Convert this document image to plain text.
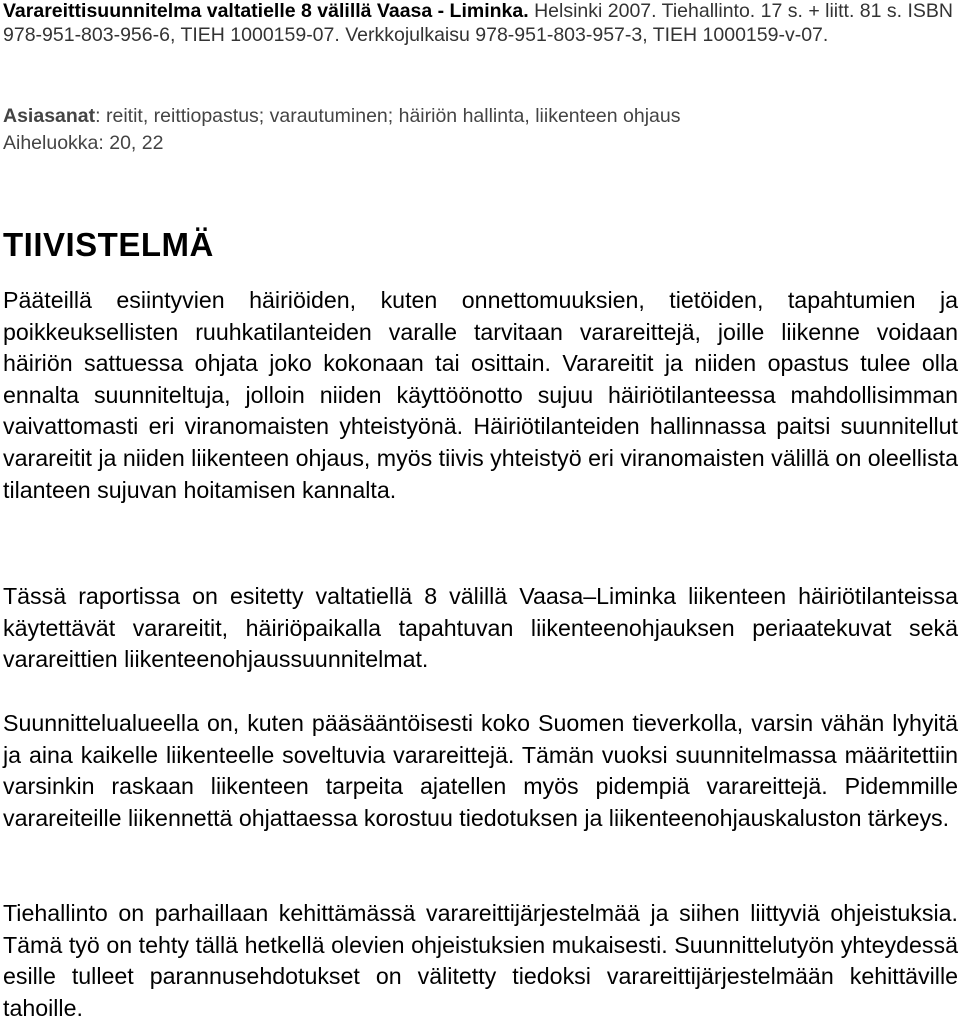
Varareittisuunnitelma valtatielle 8 välillä Vaasa - Liminka. Helsinki 2007. Tiehallinto. 17 s. + liitt. 81 s. ISBN 978-951-803-956-6, TIEH 1000159-07. Verkkojulkaisu 978-951-803-957-3, TIEH 1000159-v-07.
Asiasanat: reitit, reittiopastus; varautuminen; häiriön hallinta, liikenteen ohjaus
Aiheluokka: 20, 22
TIIVISTELMÄ

Pääteillä esiintyvien häiriöiden, kuten onnettomuuksien, tietöiden, tapahtumien ja poikkeuksellisten ruuhkatilanteiden varalle tarvitaan varareittejä, joille liikenne voidaan häiriön sattuessa ohjata joko kokonaan tai osittain. Varareitit ja niiden opastus tulee olla ennalta suunniteltuja, jolloin niiden käyttöönotto sujuu häiriötilanteessa mahdollisimman vaivattomasti eri viranomaisten yhteistyönä. Häiriötilanteiden hallinnassa paitsi suunnitellut varareitit ja niiden liikenteen ohjaus, myös tiivis yhteistyö eri viranomaisten välillä on oleellista tilanteen sujuvan hoitamisen kannalta.

Tässä raportissa on esitetty valtatiellä 8 välillä Vaasa–Liminka liikenteen häiriötilanteissa käytettävät varareitit, häiriöpaikalla tapahtuvan liikenteenohjauksen periaatekuvat sekä varareittien liikenteenohjaussuunnitelmat.

Suunnittelualueella on, kuten pääsääntöisesti koko Suomen tieverkolla, varsin vähän lyhyitä ja aina kaikelle liikenteelle soveltuvia varareittejä. Tämän vuoksi suunnitelmassa määritettiin varsinkin raskaan liikenteen tarpeita ajatellen myös pidempiä varareittejä. Pidemmille varareiteille liikennettä ohjattaessa korostuu tiedotuksen ja liikenteenohjauskaluston tärkeys.

Tiehallinto on parhaillaan kehittämässä varareittijärjestelmää ja siihen liittyviä ohjeistuksia. Tämä työ on tehty tällä hetkellä olevien ohjeistuksien mukaisesti. Suunnittelutyön yhteydessä esille tulleet parannusehdotukset on välitetty tiedoksi varareittijärjestelmään kehittäville tahoille.
